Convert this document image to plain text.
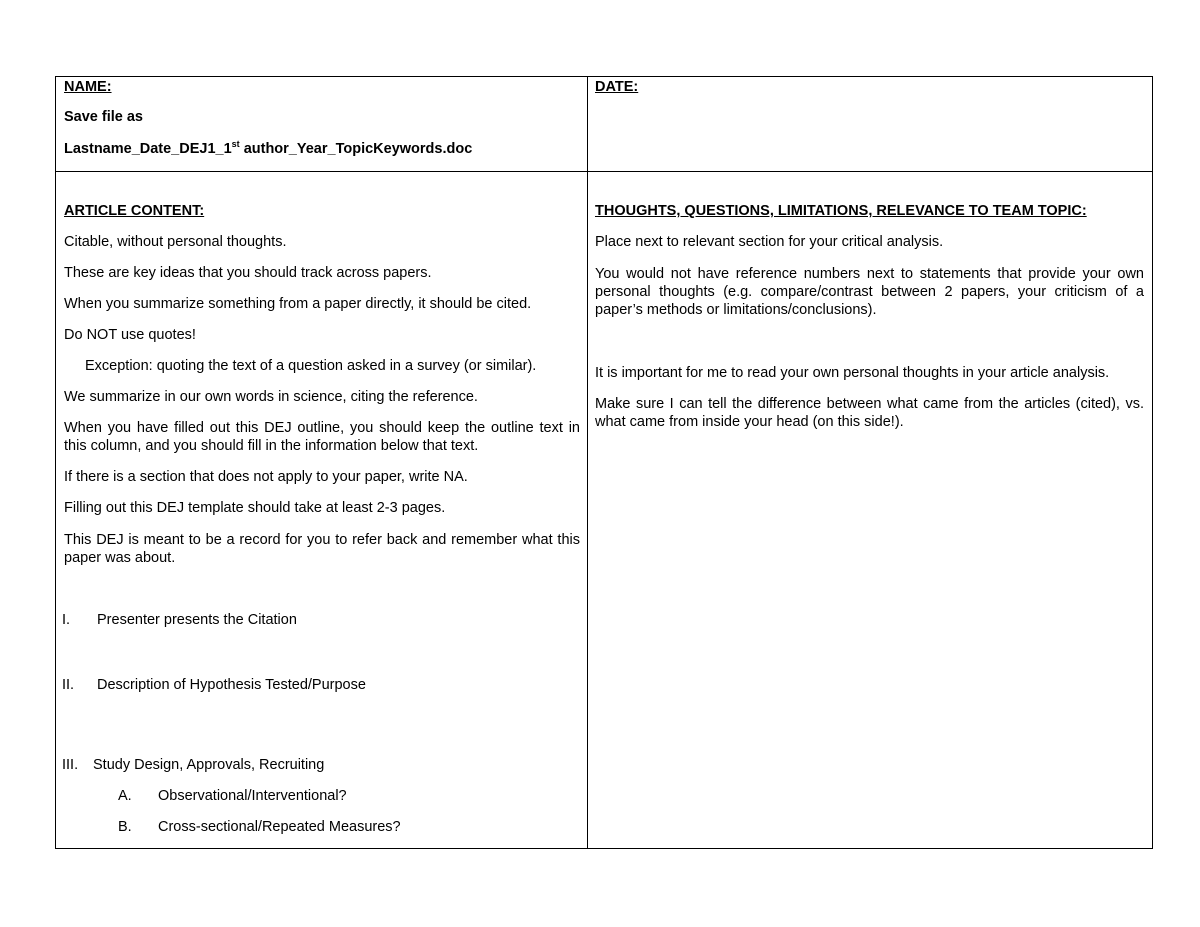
NAME:
Save file as
Lastname_Date_DEJ1_1st author_Year_TopicKeywords.doc
DATE:
ARTICLE CONTENT:
Citable, without personal thoughts.
These are key ideas that you should track across papers.
When you summarize something from a paper directly, it should be cited.
Do NOT use quotes!
Exception: quoting the text of a question asked in a survey (or similar).
We summarize in our own words in science, citing the reference.
When you have filled out this DEJ outline, you should keep the outline text in this column, and you should fill in the information below that text.
If there is a section that does not apply to your paper, write NA.
Filling out this DEJ template should take at least 2-3 pages.
This DEJ is meant to be a record for you to refer back and remember what this paper was about.
I. Presenter presents the Citation
II. Description of Hypothesis Tested/Purpose
III. Study Design, Approvals, Recruiting
A. Observational/Interventional?
B. Cross-sectional/Repeated Measures?
THOUGHTS, QUESTIONS, LIMITATIONS, RELEVANCE TO TEAM TOPIC:
Place next to relevant section for your critical analysis.
You would not have reference numbers next to statements that provide your own personal thoughts (e.g. compare/contrast between 2 papers, your criticism of a paper’s methods or limitations/conclusions).
It is important for me to read your own personal thoughts in your article analysis.
Make sure I can tell the difference between what came from the articles (cited), vs. what came from inside your head (on this side!).
